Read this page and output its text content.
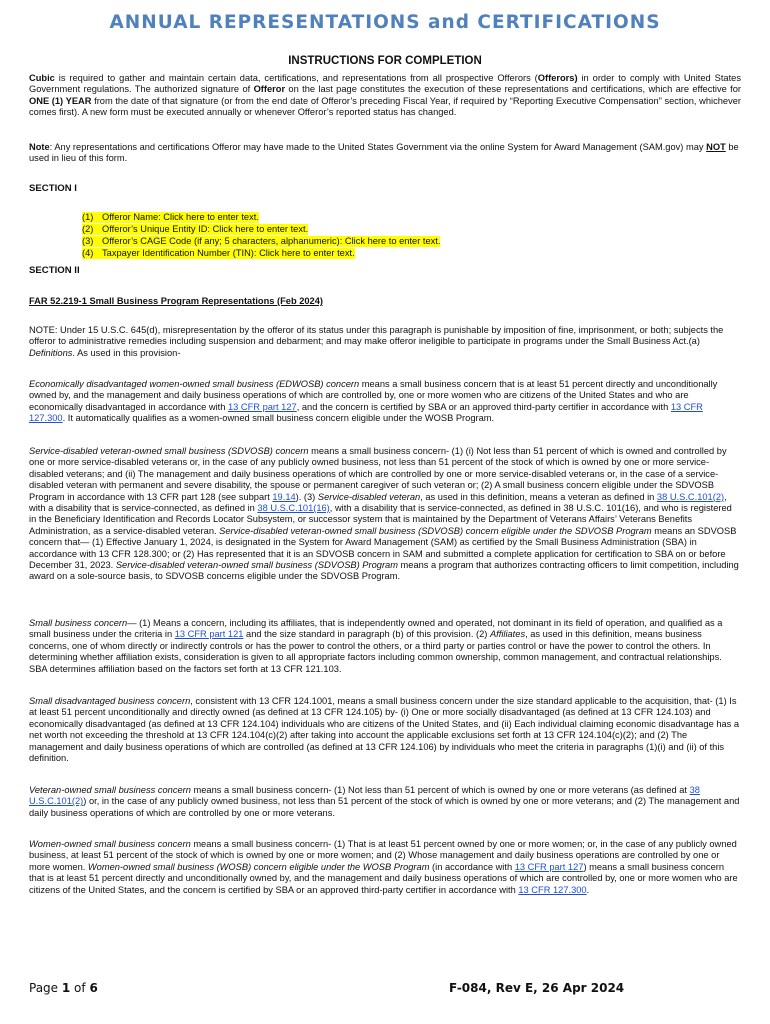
ANNUAL REPRESENTATIONS and CERTIFICATIONS
INSTRUCTIONS FOR COMPLETION

Cubic is required to gather and maintain certain data, certifications, and representations from all prospective Offerors (Offerors) in order to comply with United States Government regulations. The authorized signature of Offeror on the last page constitutes the execution of these representations and certifications, which are effective for ONE (1) YEAR from the date of that signature (or from the end date of Offeror’s preceding Fiscal Year, if required by “Reporting Executive Compensation” section, whichever comes first). A new form must be executed annually or whenever Offeror’s reported status has changed.

Note: Any representations and certifications Offeror may have made to the United States Government via the online System for Award Management (SAM.gov) may NOT be used in lieu of this form.

SECTION I

(1) Offeror Name: Click here to enter text.
(2) Offeror’s Unique Entity ID: Click here to enter text.
(3) Offeror’s CAGE Code (if any; 5 characters, alphanumeric): Click here to enter text.
(4) Taxpayer Identification Number (TIN): Click here to enter text.

SECTION II

FAR 52.219-1 Small Business Program Representations (Feb 2024)

NOTE: Under 15 U.S.C. 645(d), misrepresentation by the offeror of its status under this paragraph is punishable by imposition of fine, imprisonment, or both; subjects the offeror to administrative remedies including suspension and debarment; and may make offeror ineligible to participate in programs under the Small Business Act.(a) Definitions. As used in this provision-

Economically disadvantaged women-owned small business (EDWOSB) concern means a small business concern that is at least 51 percent directly and unconditionally owned by, and the management and daily business operations of which are controlled by, one or more women who are citizens of the United States and who are economically disadvantaged in accordance with 13 CFR part 127, and the concern is certified by SBA or an approved third-party certifier in accordance with 13 CFR 127.300. It automatically qualifies as a women-owned small business concern eligible under the WOSB Program.

Service-disabled veteran-owned small business (SDVOSB) concern means a small business concern- (1) (i) Not less than 51 percent of which is owned and controlled by one or more service-disabled veterans or, in the case of any publicly owned business, not less than 51 percent of the stock of which is owned by one or more service-disabled veterans; and (ii) The management and daily business operations of which are controlled by one or more service-disabled veterans or, in the case of a service-disabled veteran with permanent and severe disability, the spouse or permanent caregiver of such veteran or; (2) A small business concern eligible under the SDVOSB Program in accordance with 13 CFR part 128 (see subpart 19.14). (3) Service-disabled veteran, as used in this definition, means a veteran as defined in 38 U.S.C.101(2), with a disability that is service-connected, as defined in 38 U.S.C.101(16), with a disability that is service-connected, as defined in 38 U.S.C. 101(16), and who is registered in the Beneficiary Identification and Records Locator Subsystem, or successor system that is maintained by the Department of Veterans Affairs’ Veterans Benefits Administration, as a service-disabled veteran. Service-disabled veteran-owned small business (SDVOSB) concern eligible under the SDVOSB Program means an SDVOSB concern that— (1) Effective January 1, 2024, is designated in the System for Award Management (SAM) as certified by the Small Business Administration (SBA) in accordance with 13 CFR 128.300; or (2) Has represented that it is an SDVOSB concern in SAM and submitted a complete application for certification to SBA on or before December 31, 2023. Service-disabled veteran-owned small business (SDVOSB) Program means a program that authorizes contracting officers to limit competition, including award on a sole-source basis, to SDVOSB concerns eligible under the SDVOSB Program.

Small business concern— (1) Means a concern, including its affiliates, that is independently owned and operated, not dominant in its field of operation, and qualified as a small business under the criteria in 13 CFR part 121 and the size standard in paragraph (b) of this provision. (2) Affiliates, as used in this definition, means business concerns, one of whom directly or indirectly controls or has the power to control the others, or a third party or parties control or have the power to control the others. In determining whether affiliation exists, consideration is given to all appropriate factors including common ownership, common management, and contractual relationships. SBA determines affiliation based on the factors set forth at 13 CFR 121.103.

Small disadvantaged business concern, consistent with 13 CFR 124.1001, means a small business concern under the size standard applicable to the acquisition, that- (1) Is at least 51 percent unconditionally and directly owned (as defined at 13 CFR 124.105) by- (i) One or more socially disadvantaged (as defined at 13 CFR 124.103) and economically disadvantaged (as defined at 13 CFR 124.104) individuals who are citizens of the United States, and (ii) Each individual claiming economic disadvantage has a net worth not exceeding the threshold at 13 CFR 124.104(c)(2) after taking into account the applicable exclusions set forth at 13 CFR 124.104(c)(2); and (2) The management and daily business operations of which are controlled (as defined at 13 CFR 124.106) by individuals who meet the criteria in paragraphs (1)(i) and (ii) of this definition.

Veteran-owned small business concern means a small business concern- (1) Not less than 51 percent of which is owned by one or more veterans (as defined at 38 U.S.C.101(2)) or, in the case of any publicly owned business, not less than 51 percent of the stock of which is owned by one or more veterans; and (2) The management and daily business operations of which are controlled by one or more veterans.

Women-owned small business concern means a small business concern- (1) That is at least 51 percent owned by one or more women; or, in the case of any publicly owned business, at least 51 percent of the stock of which is owned by one or more women; and (2) Whose management and daily business operations are controlled by one or more women. Women-owned small business (WOSB) concern eligible under the WOSB Program (in accordance with 13 CFR part 127) means a small business concern that is at least 51 percent directly and unconditionally owned by, and the management and daily business operations of which are controlled by, one or more women who are citizens of the United States, and the concern is certified by SBA or an approved third-party certifier in accordance with 13 CFR 127.300.

Page 1 of 6	F-084, Rev E, 26 Apr 2024
